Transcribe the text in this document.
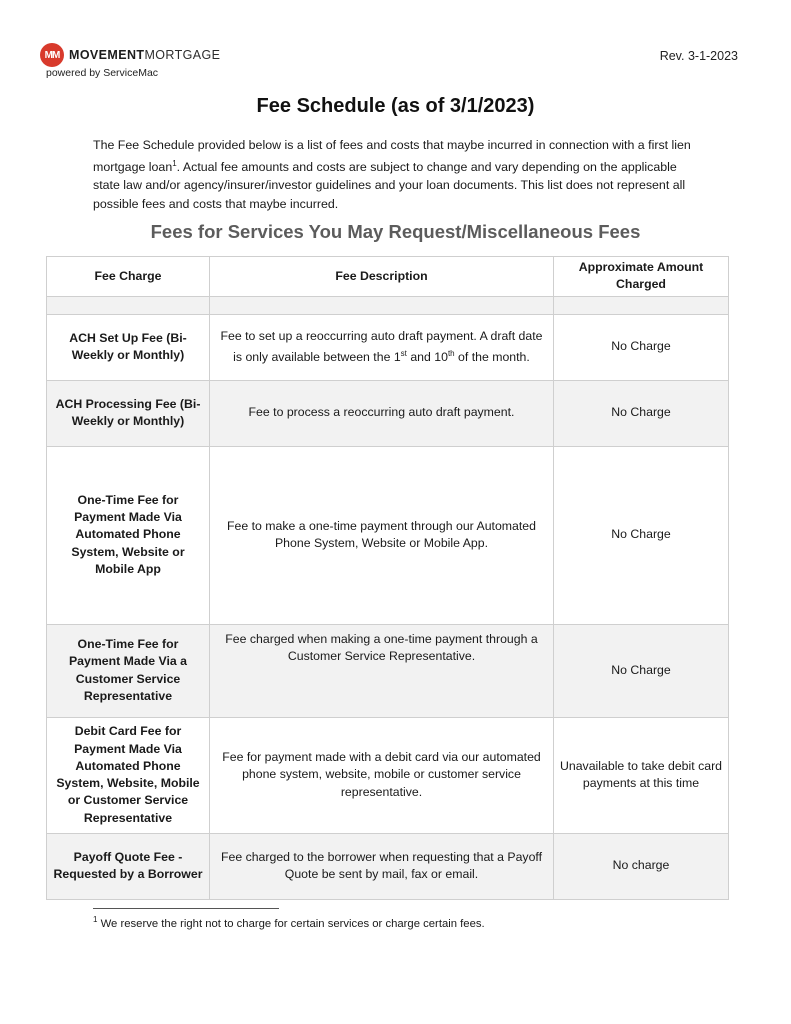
MM MOVEMENTMORTGAGE
powered by ServiceMac
Rev. 3-1-2023
Fee Schedule (as of 3/1/2023)
The Fee Schedule provided below is a list of fees and costs that maybe incurred in connection with a first lien mortgage loan$^1$. Actual fee amounts and costs are subject to change and vary depending on the applicable state law and/or agency/insurer/investor guidelines and your loan documents. This list does not represent all possible fees and costs that maybe incurred.
Fees for Services You May Request/Miscellaneous Fees
Fee Charge	Fee Description	Approximate Amount Charged

ACH Set Up Fee (Bi-Weekly or Monthly)	Fee to set up a reoccurring auto draft payment. A draft date is only available between the 1st and 10th of the month.	No Charge
ACH Processing Fee (Bi-Weekly or Monthly)	Fee to process a reoccurring auto draft payment.	No Charge
One-Time Fee for Payment Made Via Automated Phone System, Website or Mobile App	Fee to make a one-time payment through our Automated Phone System, Website or Mobile App.	No Charge
One-Time Fee for Payment Made Via a Customer Service Representative	Fee charged when making a one-time payment through a Customer Service Representative.	No Charge
Debit Card Fee for Payment Made Via Automated Phone System, Website, Mobile or Customer Service Representative	Fee for payment made with a debit card via our automated phone system, website, mobile or customer service representative.	Unavailable to take debit card payments at this time
Payoff Quote Fee - Requested by a Borrower	Fee charged to the borrower when requesting that a Payoff Quote be sent by mail, fax or email.	No charge
$^1$ We reserve the right not to charge for certain services or charge certain fees.
